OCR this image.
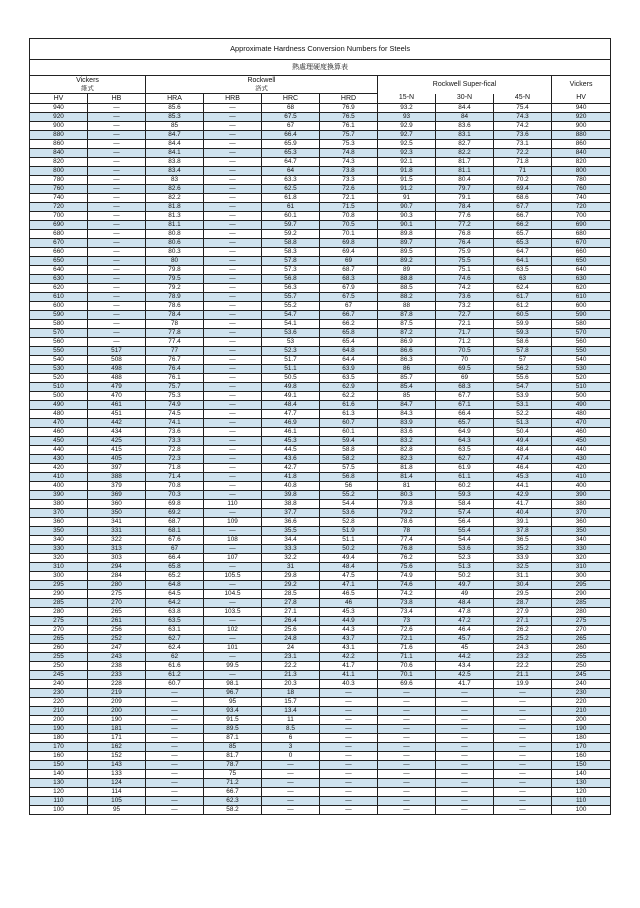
Approximate Hardness Conversion Numbers for Steels									
熱處理硬度換算表									
Vickers		Rockwell				Rockwell Super-fical			Vickers
維式		洛式							
HV	HB	HRA	HRB	HRC	HRD	15-N	30-N	45-N	HV
940	—	85.6	—	68	76.9	93.2	84.4	75.4	940
920	—	85.3	—	67.5	76.5	93	84	74.3	920
900	—	85	—	67	76.1	92.9	83.6	74.2	900
880	—	84.7	—	66.4	75.7	92.7	83.1	73.6	880
860	—	84.4	—	65.9	75.3	92.5	82.7	73.1	860
840	—	84.1	—	65.3	74.8	92.3	82.2	72.2	840
820	—	83.8	—	64.7	74.3	92.1	81.7	71.8	820
800	—	83.4	—	64	73.8	91.8	81.1	71	800
780	—	83	—	63.3	73.3	91.5	80.4	70.2	780
760	—	82.6	—	62.5	72.6	91.2	79.7	69.4	760
740	—	82.2	—	61.8	72.1	91	79.1	68.6	740
720	—	81.8	—	61	71.5	90.7	78.4	67.7	720
700	—	81.3	—	60.1	70.8	90.3	77.6	66.7	700
690	—	81.1	—	59.7	70.5	90.1	77.2	66.2	690
680	—	80.8	—	59.2	70.1	89.8	76.8	65.7	680
670	—	80.6	—	58.8	69.8	89.7	76.4	65.3	670
660	—	80.3	—	58.3	69.4	89.5	75.9	64.7	660
650	—	80	—	57.8	69	89.2	75.5	64.1	650
640	—	79.8	—	57.3	68.7	89	75.1	63.5	640
630	—	79.5	—	56.8	68.3	88.8	74.6	63	630
620	—	79.2	—	56.3	67.9	88.5	74.2	62.4	620
610	—	78.9	—	55.7	67.5	88.2	73.6	61.7	610
600	—	78.6	—	55.2	67	88	73.2	61.2	600
590	—	78.4	—	54.7	66.7	87.8	72.7	60.5	590
580	—	78	—	54.1	66.2	87.5	72.1	59.9	580
570	—	77.8	—	53.6	65.8	87.2	71.7	59.3	570
560	—	77.4	—	53	65.4	86.9	71.2	58.6	560
550	517	77	—	52.3	64.8	86.6	70.5	57.8	550
540	508	76.7	—	51.7	64.4	86.3	70	57	540
530	498	76.4	—	51.1	63.9	86	69.5	56.2	530
520	488	76.1	—	50.5	63.5	85.7	69	55.6	520
510	479	75.7	—	49.8	62.9	85.4	68.3	54.7	510
500	470	75.3	—	49.1	62.2	85	67.7	53.9	500
490	461	74.9	—	48.4	61.6	84.7	67.1	53.1	490
480	451	74.5	—	47.7	61.3	84.3	66.4	52.2	480
470	442	74.1	—	46.9	60.7	83.9	65.7	51.3	470
460	434	73.6	—	46.1	60.1	83.6	64.9	50.4	460
450	425	73.3	—	45.3	59.4	83.2	64.3	49.4	450
440	415	72.8	—	44.5	58.8	82.8	63.5	48.4	440
430	405	72.3	—	43.6	58.2	82.3	62.7	47.4	430
420	397	71.8	—	42.7	57.5	81.8	61.9	46.4	420
410	388	71.4	—	41.8	56.8	81.4	61.1	45.3	410
400	379	70.8	—	40.8	56	81	60.2	44.1	400
390	369	70.3	—	39.8	55.2	80.3	59.3	42.9	390
380	360	69.8	110	38.8	54.4	79.8	58.4	41.7	380
370	350	69.2	—	37.7	53.6	79.2	57.4	40.4	370
360	341	68.7	109	36.6	52.8	78.6	56.4	39.1	360
350	331	68.1	—	35.5	51.9	78	55.4	37.8	350
340	322	67.6	108	34.4	51.1	77.4	54.4	36.5	340
330	313	67	—	33.3	50.2	76.8	53.6	35.2	330
320	303	66.4	107	32.2	49.4	76.2	52.3	33.9	320
310	294	65.8	—	31	48.4	75.6	51.3	32.5	310
300	284	65.2	105.5	29.8	47.5	74.9	50.2	31.1	300
295	280	64.8	—	29.2	47.1	74.6	49.7	30.4	295
290	275	64.5	104.5	28.5	46.5	74.2	49	29.5	290
285	270	64.2	—	27.8	46	73.8	48.4	28.7	285
280	265	63.8	103.5	27.1	45.3	73.4	47.8	27.9	280
275	261	63.5	—	26.4	44.9	73	47.2	27.1	275
270	256	63.1	102	25.6	44.3	72.6	46.4	26.2	270
265	252	62.7	—	24.8	43.7	72.1	45.7	25.2	265
260	247	62.4	101	24	43.1	71.6	45	24.3	260
255	243	62	—	23.1	42.2	71.1	44.2	23.2	255
250	238	61.6	99.5	22.2	41.7	70.6	43.4	22.2	250
245	233	61.2	—	21.3	41.1	70.1	42.5	21.1	245
240	228	60.7	98.1	20.3	40.3	69.6	41.7	19.9	240
230	219	—	96.7	18	—	—	—	—	230
220	209	—	95	15.7	—	—	—	—	220
210	200	—	93.4	13.4	—	—	—	—	210
200	190	—	91.5	11	—	—	—	—	200
190	181	—	89.5	8.5	—	—	—	—	190
180	171	—	87.1	6	—	—	—	—	180
170	162	—	85	3	—	—	—	—	170
160	152	—	81.7	0	—	—	—	—	160
150	143	—	78.7	—	—	—	—	—	150
140	133	—	75	—	—	—	—	—	140
130	124	—	71.2	—	—	—	—	—	130
120	114	—	66.7	—	—	—	—	—	120
110	105	—	62.3	—	—	—	—	—	110
100	95	—	58.2	—	—	—	—	—	100
